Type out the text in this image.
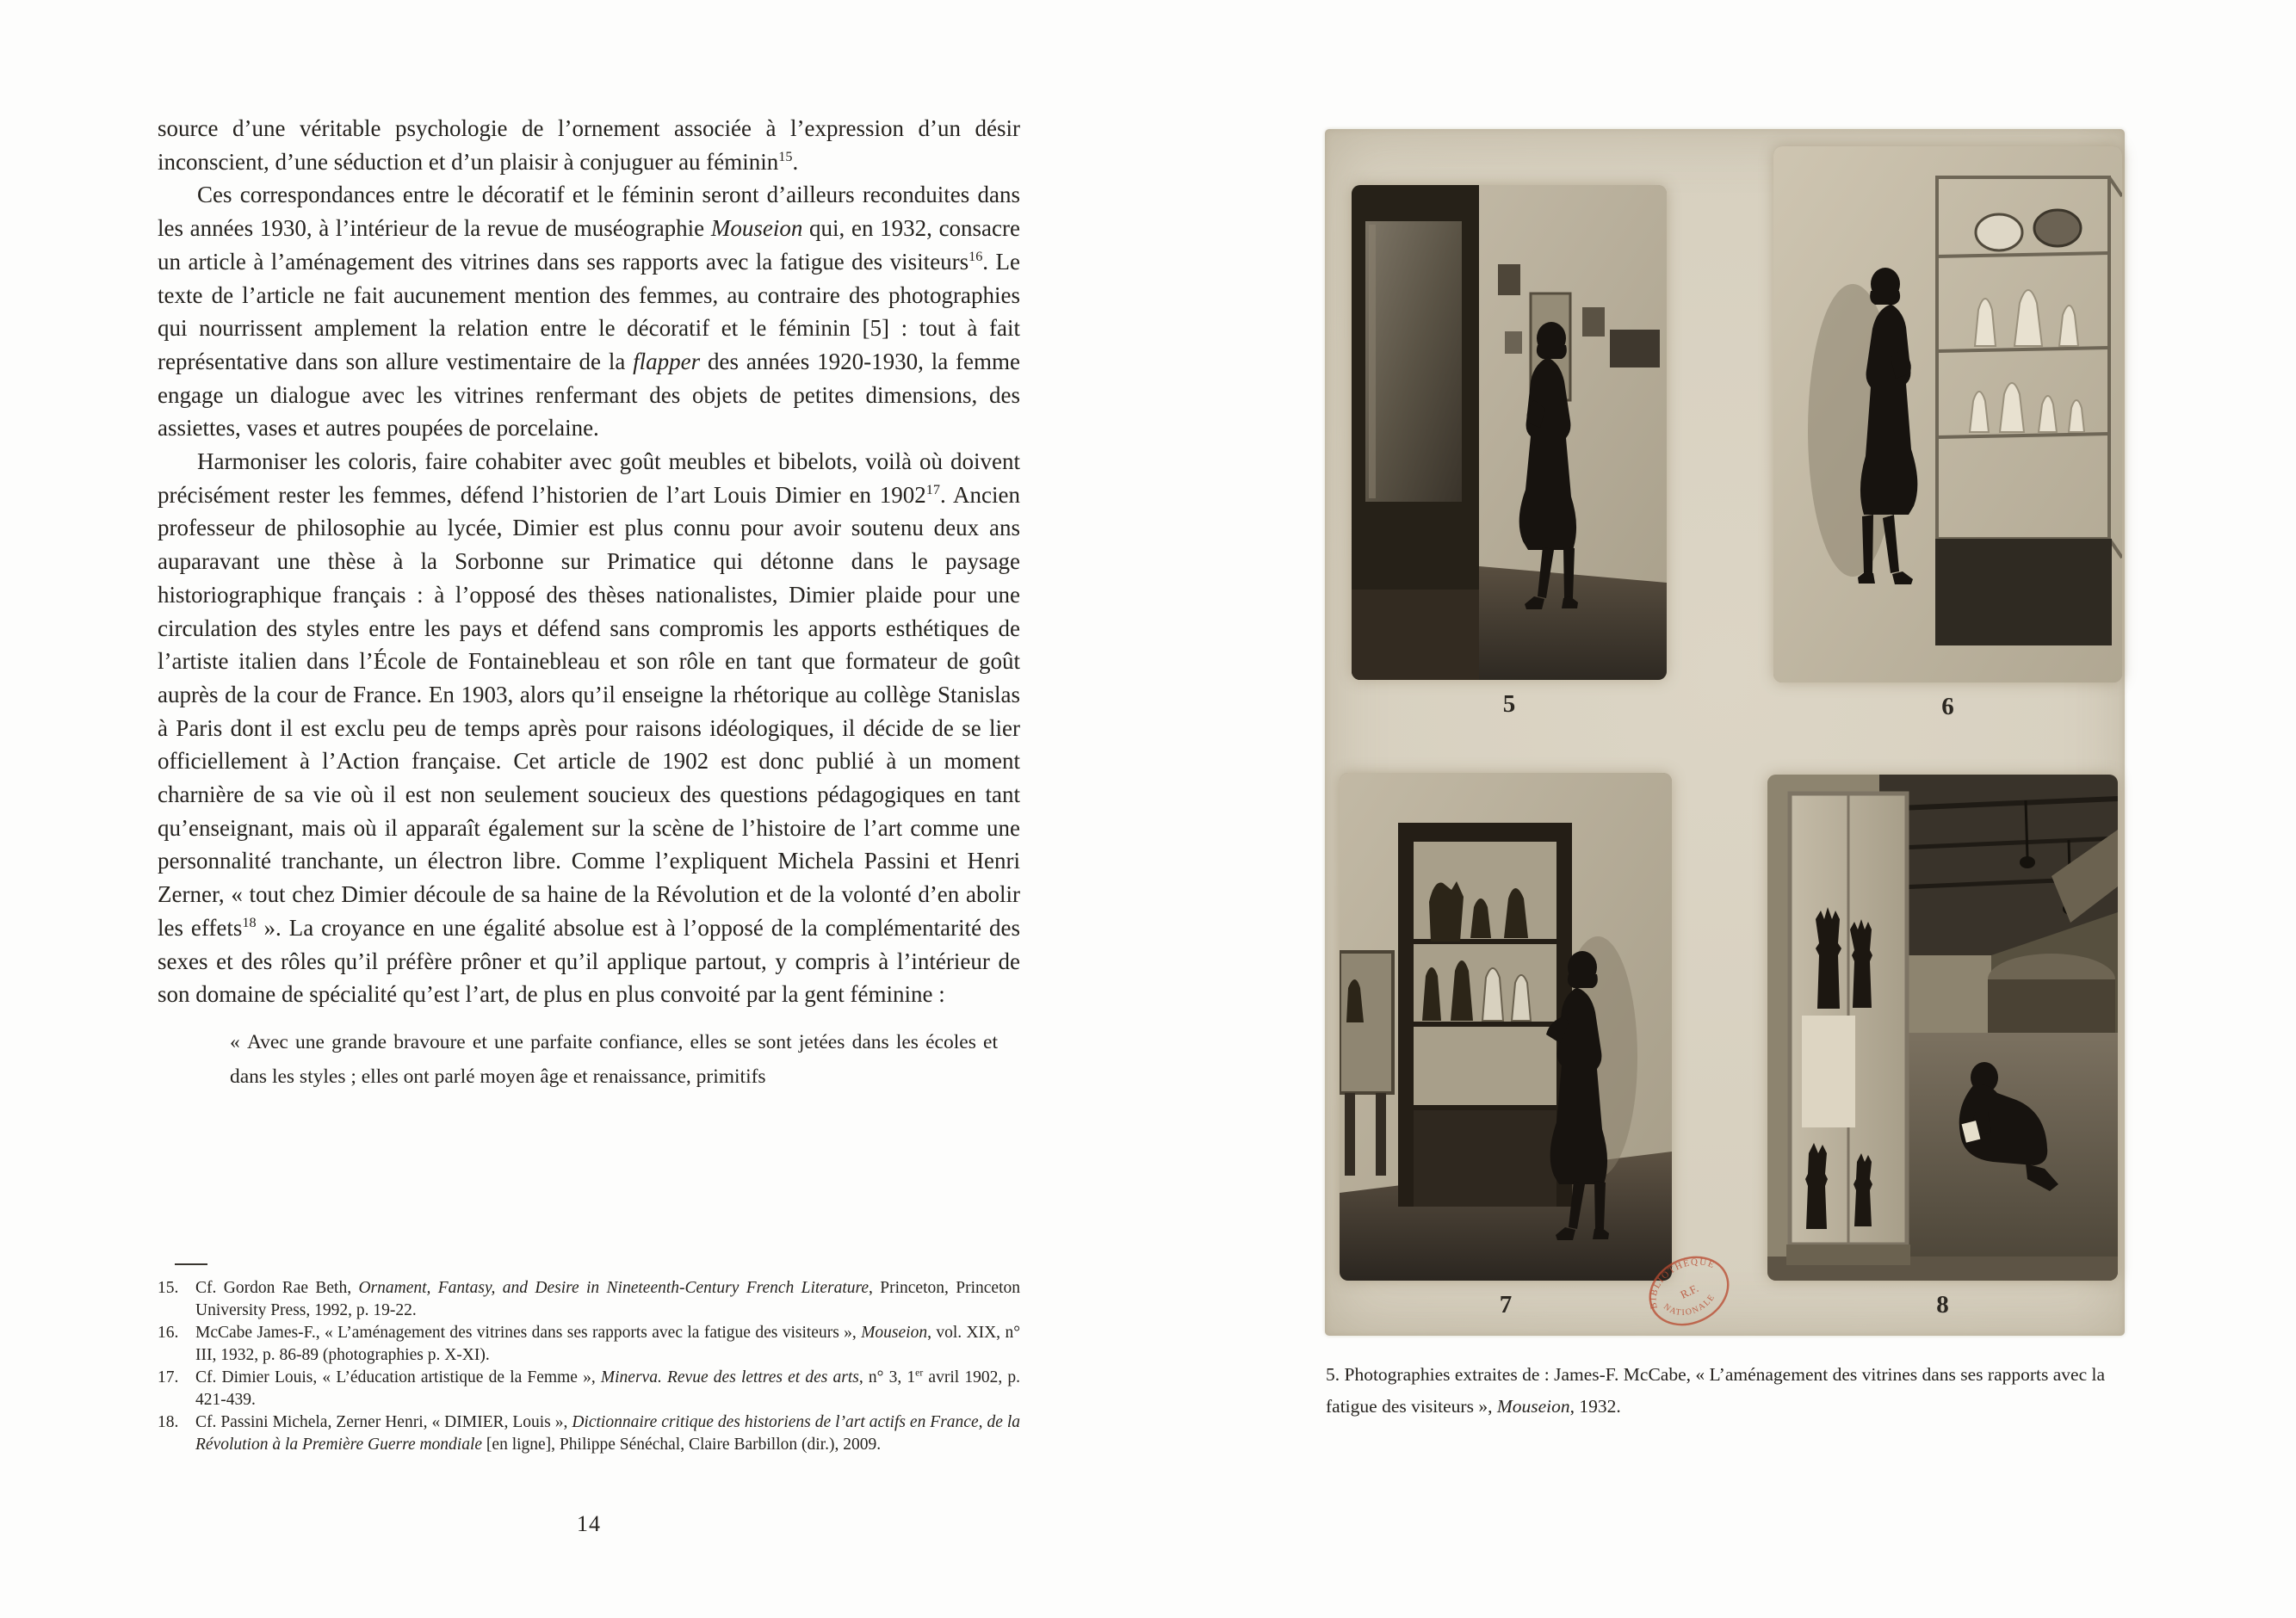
source d’une véritable psychologie de l’ornement associée à l’expression d’un désir inconscient, d’une séduction et d’un plaisir à conjuguer au féminin$^{15}$.

Ces correspondances entre le décoratif et le féminin seront d’ailleurs reconduites dans les années 1930, à l’intérieur de la revue de muséographie Mouseion qui, en 1932, consacre un article à l’aménagement des vitrines dans ses rapports avec la fatigue des visiteurs$^{16}$. Le texte de l’article ne fait aucunement mention des femmes, au contraire des photographies qui nourrissent amplement la relation entre le décoratif et le féminin [5] : tout à fait représentative dans son allure vestimentaire de la flapper des années 1920-1930, la femme engage un dialogue avec les vitrines renfermant des objets de petites dimensions, des assiettes, vases et autres poupées de porcelaine.

Harmoniser les coloris, faire cohabiter avec goût meubles et bibelots, voilà où doivent précisément rester les femmes, défend l’historien de l’art Louis Dimier en 1902$^{17}$. Ancien professeur de philosophie au lycée, Dimier est plus connu pour avoir soutenu deux ans auparavant une thèse à la Sorbonne sur Primatice qui détonne dans le paysage historiographique français : à l’opposé des thèses nationalistes, Dimier plaide pour une circulation des styles entre les pays et défend sans compromis les apports esthétiques de l’artiste italien dans l’École de Fontainebleau et son rôle en tant que formateur de goût auprès de la cour de France. En 1903, alors qu’il enseigne la rhétorique au collège Stanislas à Paris dont il est exclu peu de temps après pour raisons idéologiques, il décide de se lier officiellement à l’Action française. Cet article de 1902 est donc publié à un moment charnière de sa vie où il est non seulement soucieux des questions pédagogiques en tant qu’enseignant, mais où il apparaît également sur la scène de l’histoire de l’art comme une personnalité tranchante, un électron libre. Comme l’expliquent Michela Passini et Henri Zerner, « tout chez Dimier découle de sa haine de la Révolution et de la volonté d’en abolir les effets$^{18}$ ». La croyance en une égalité absolue est à l’opposé de la complémentarité des sexes et des rôles qu’il préfère prôner et qu’il applique partout, y compris à l’intérieur de son domaine de spécialité qu’est l’art, de plus en plus convoité par la gent féminine :

« Avec une grande bravoure et une parfaite confiance, elles se sont jetées dans les écoles et dans les styles ; elles ont parlé moyen âge et renaissance, primitifs

15. Cf. Gordon Rae Beth, Ornament, Fantasy, and Desire in Nineteenth-Century French Literature, Princeton, Princeton University Press, 1992, p. 19-22.

16. McCabe James-F., « L’aménagement des vitrines dans ses rapports avec la fatigue des visiteurs », Mouseion, vol. XIX, n° III, 1932, p. 86-89 (photographies p. X-XI).

17. Cf. Dimier Louis, « L’éducation artistique de la Femme », Minerva. Revue des lettres et des arts, n° 3, 1er avril 1902, p. 421-439.

18. Cf. Passini Michela, Zerner Henri, « DIMIER, Louis », Dictionnaire critique des historiens de l’art actifs en France, de la Révolution à la Première Guerre mondiale [en ligne], Philippe Sénéchal, Claire Barbillon (dir.), 2009.

14
5	6
7	8
BIBLIOTHÈQUE
NATIONALE
R.F.
5. Photographies extraites de : James-F. McCabe, « L’aménagement des vitrines dans ses rapports avec la fatigue des visiteurs », Mouseion, 1932.
